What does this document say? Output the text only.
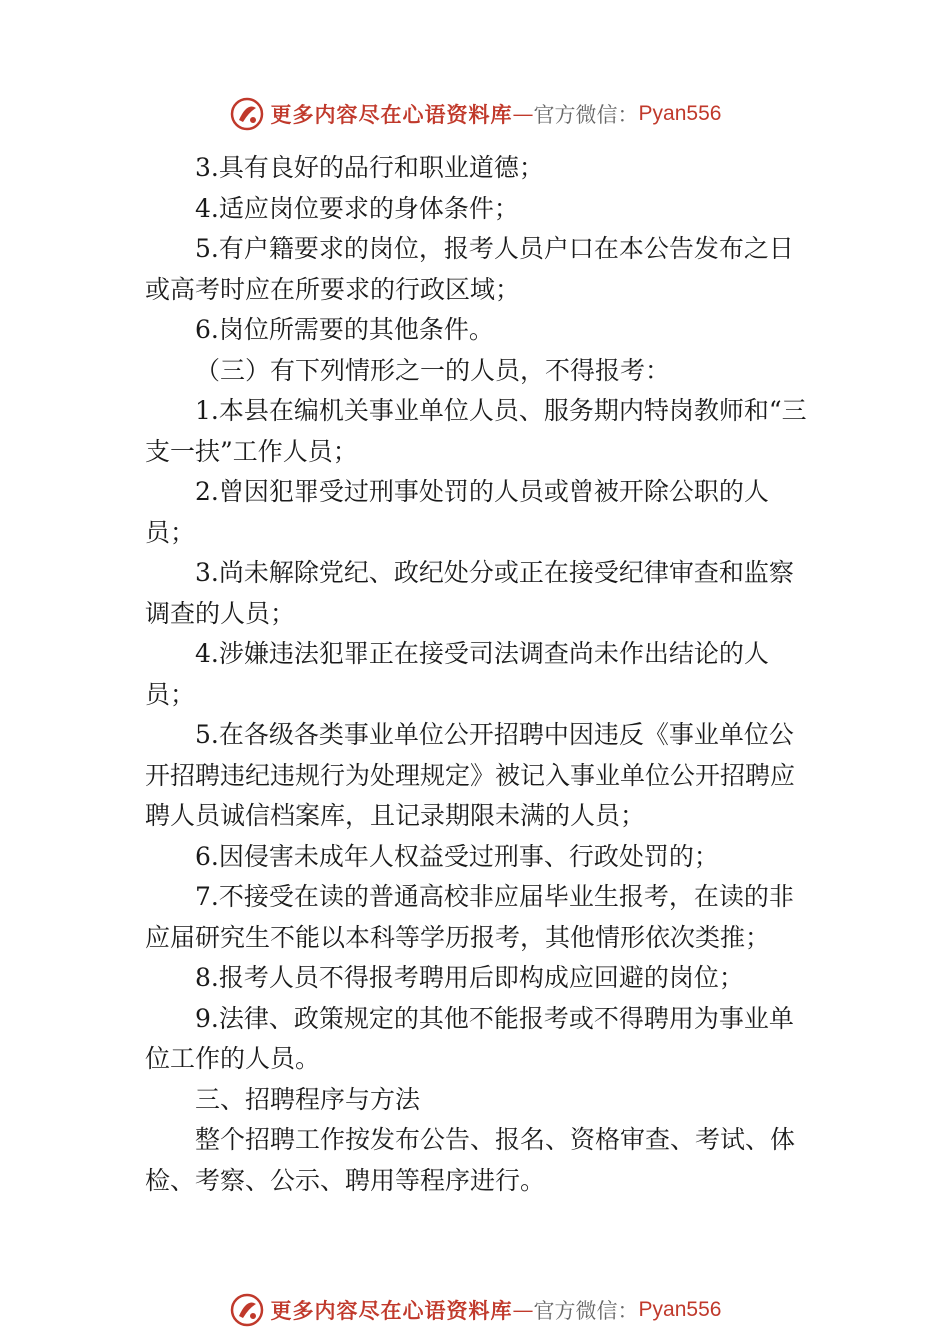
更多内容尽在心语资料库 — 官方微信： Pyan556

3.具有良好的品行和职业道德；

4.适应岗位要求的身体条件；

5.有户籍要求的岗位，报考人员户口在本公告发布之日或高考时应在所要求的行政区域；

6.岗位所需要的其他条件。

（三）有下列情形之一的人员，不得报考：

1.本县在编机关事业单位人员、服务期内特岗教师和“三支一扶”工作人员；

2.曾因犯罪受过刑事处罚的人员或曾被开除公职的人员；

3.尚未解除党纪、政纪处分或正在接受纪律审查和监察调查的人员；

4.涉嫌违法犯罪正在接受司法调查尚未作出结论的人员；

5.在各级各类事业单位公开招聘中因违反《事业单位公开招聘违纪违规行为处理规定》被记入事业单位公开招聘应聘人员诚信档案库，且记录期限未满的人员；

6.因侵害未成年人权益受过刑事、行政处罚的；

7.不接受在读的普通高校非应届毕业生报考，在读的非应届研究生不能以本科等学历报考，其他情形依次类推；

8.报考人员不得报考聘用后即构成应回避的岗位；

9.法律、政策规定的其他不能报考或不得聘用为事业单位工作的人员。

三、招聘程序与方法

整个招聘工作按发布公告、报名、资格审查、考试、体检、考察、公示、聘用等程序进行。

更多内容尽在心语资料库 — 官方微信： Pyan556
